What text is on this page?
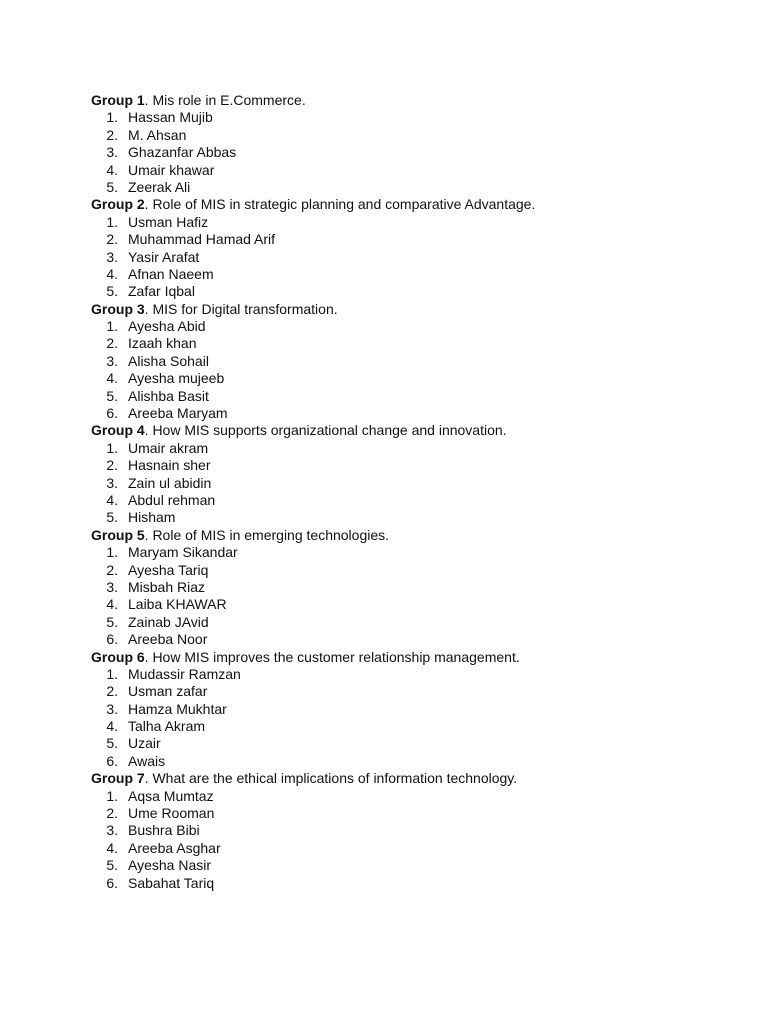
Group 1. Mis role in E.Commerce.
1. Hassan Mujib
2. M. Ahsan
3. Ghazanfar Abbas
4. Umair khawar
5. Zeerak Ali
Group 2. Role of MIS in strategic planning and comparative Advantage.
1. Usman Hafiz
2. Muhammad Hamad Arif
3. Yasir Arafat
4. Afnan Naeem
5. Zafar Iqbal
Group 3. MIS for Digital transformation.
1. Ayesha Abid
2. Izaah khan
3. Alisha Sohail
4. Ayesha mujeeb
5. Alishba Basit
6. Areeba Maryam
Group 4. How MIS supports organizational change and innovation.
1. Umair akram
2. Hasnain sher
3. Zain ul abidin
4. Abdul rehman
5. Hisham
Group 5. Role of MIS in emerging technologies.
1. Maryam Sikandar
2. Ayesha Tariq
3. Misbah Riaz
4. Laiba KHAWAR
5. Zainab JAvid
6. Areeba Noor
Group 6. How MIS improves the customer relationship management.
1. Mudassir Ramzan
2. Usman zafar
3. Hamza Mukhtar
4. Talha Akram
5. Uzair
6. Awais
Group 7. What are the ethical implications of information technology.
1. Aqsa Mumtaz
2. Ume Rooman
3. Bushra Bibi
4. Areeba Asghar
5. Ayesha Nasir
6. Sabahat Tariq
